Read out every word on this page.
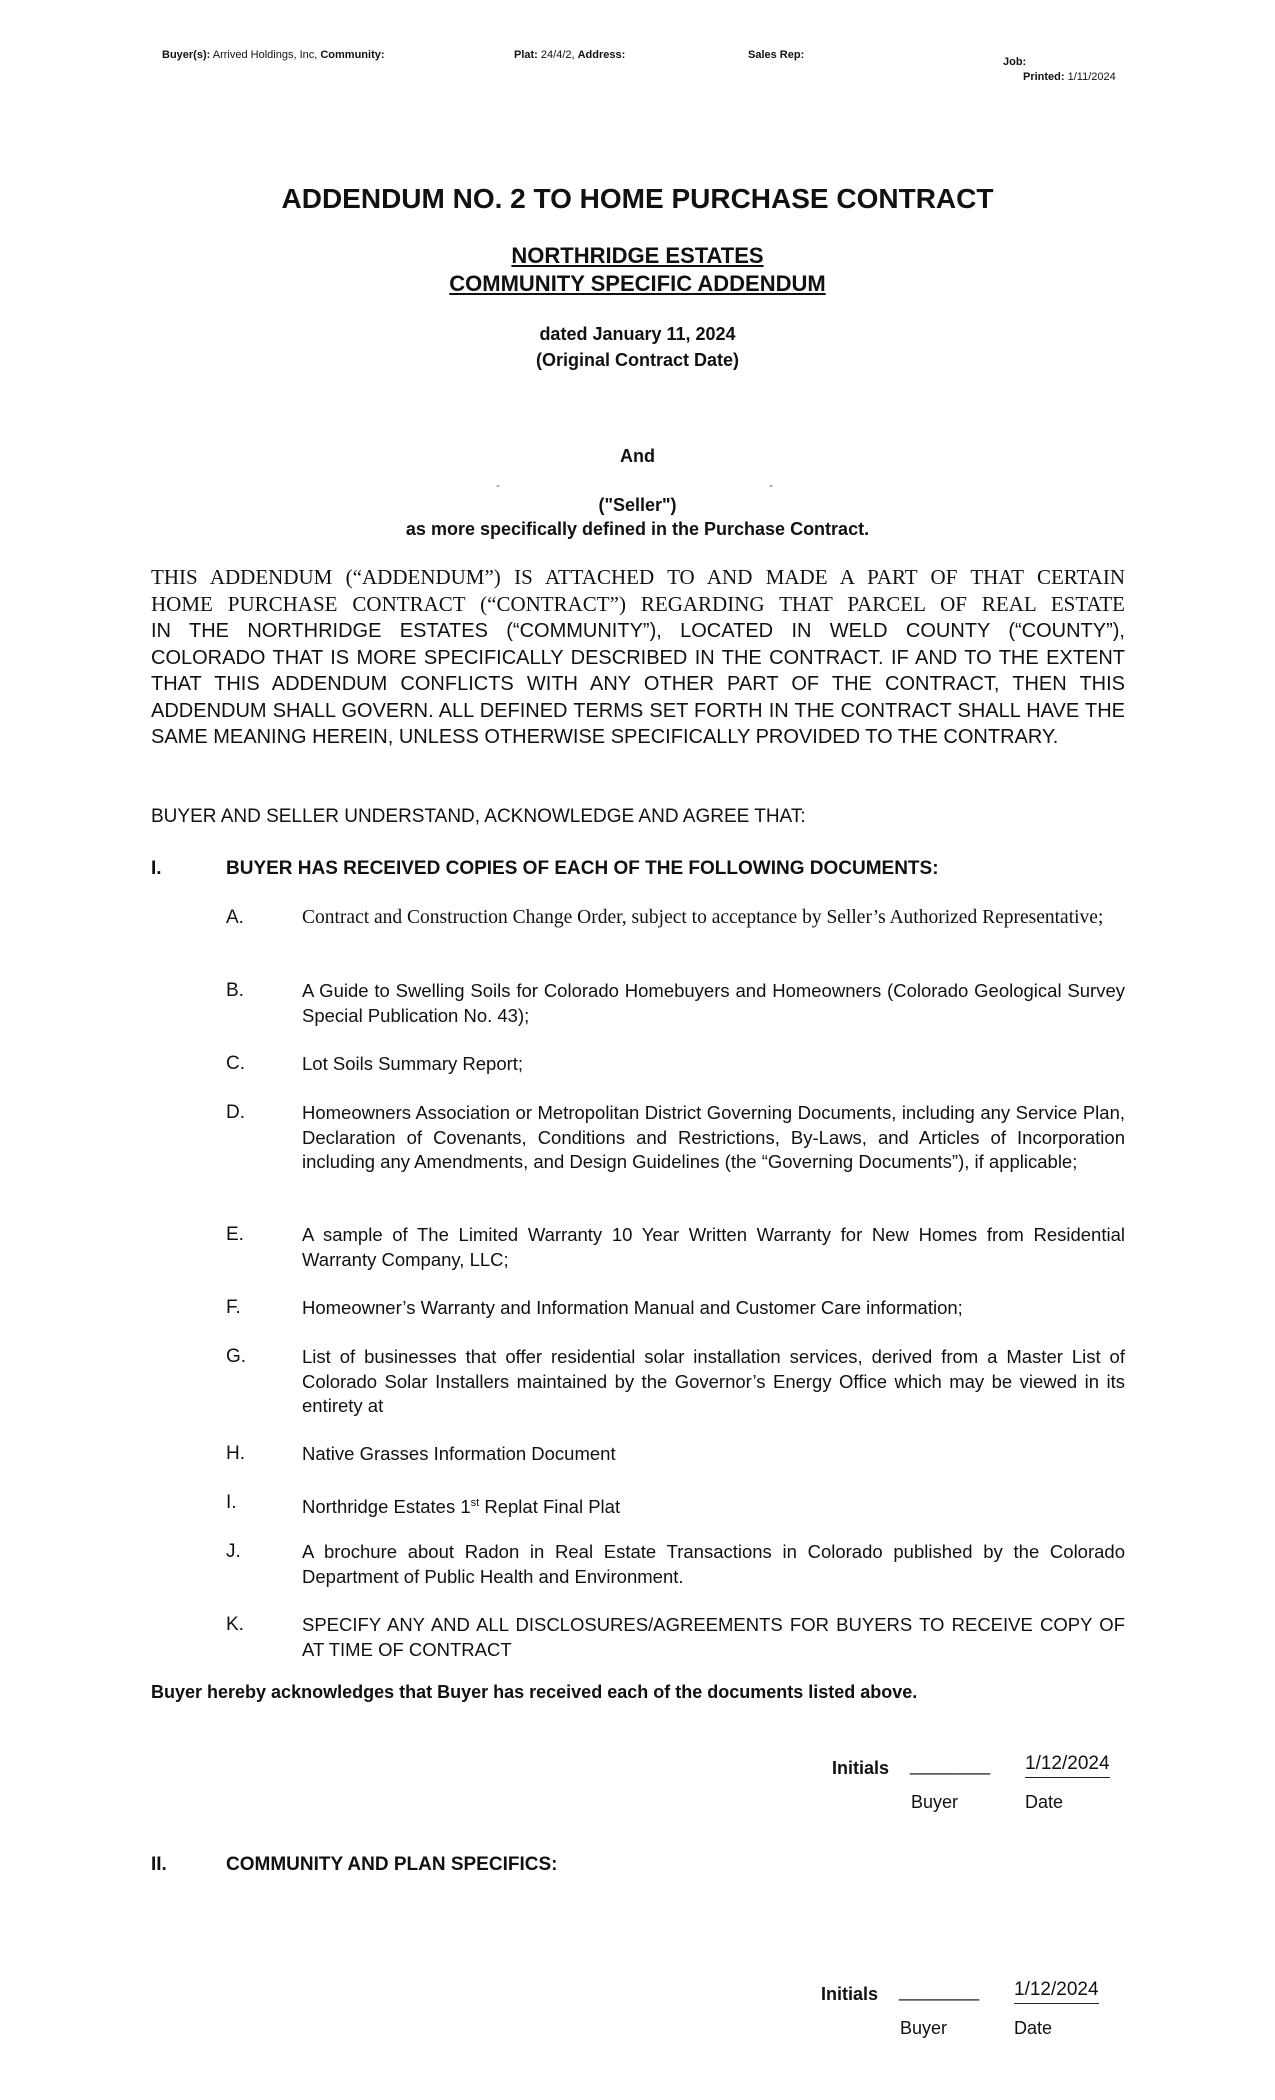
Buyer(s): Arrived Holdings, Inc, Community:	Plat: 24/4/2, Address:	Sales Rep:
Job:
Printed: 1/11/2024
ADDENDUM NO. 2 TO HOME PURCHASE CONTRACT
NORTHRIDGE ESTATES
COMMUNITY SPECIFIC ADDENDUM
dated January 11, 2024
(Original Contract Date)
And
-	-
("Seller")
as more specifically defined in the Purchase Contract.
THIS ADDENDUM (“ADDENDUM”) IS ATTACHED TO AND MADE A PART OF THAT CERTAIN
HOME PURCHASE CONTRACT (“CONTRACT”) REGARDING THAT PARCEL OF REAL ESTATE
IN THE NORTHRIDGE ESTATES (“COMMUNITY”), LOCATED IN WELD COUNTY (“COUNTY”), COLORADO THAT IS MORE SPECIFICALLY DESCRIBED IN THE CONTRACT. IF AND TO THE EXTENT THAT THIS ADDENDUM CONFLICTS WITH ANY OTHER PART OF THE CONTRACT, THEN THIS ADDENDUM SHALL GOVERN. ALL DEFINED TERMS SET FORTH IN THE CONTRACT SHALL HAVE THE SAME MEANING HEREIN, UNLESS OTHERWISE SPECIFICALLY PROVIDED TO THE CONTRARY.
BUYER AND SELLER UNDERSTAND, ACKNOWLEDGE AND AGREE THAT:
I.	BUYER HAS RECEIVED COPIES OF EACH OF THE FOLLOWING DOCUMENTS:
A.	Contract and Construction Change Order, subject to acceptance by Seller’s Authorized Representative;
B.	A Guide to Swelling Soils for Colorado Homebuyers and Homeowners (Colorado Geological Survey Special Publication No. 43);
C.	Lot Soils Summary Report;
D.	Homeowners Association or Metropolitan District Governing Documents, including any Service Plan, Declaration of Covenants, Conditions and Restrictions, By-Laws, and Articles of Incorporation including any Amendments, and Design Guidelines (the “Governing Documents”), if applicable;
E.	A sample of The Limited Warranty 10 Year Written Warranty for New Homes from Residential Warranty Company, LLC;
F.	Homeowner’s Warranty and Information Manual and Customer Care information;
G.	List of businesses that offer residential solar installation services, derived from a Master List of Colorado Solar Installers maintained by the Governor’s Energy Office which may be viewed in its entirety at
H.	Native Grasses Information Document
I.	Northridge Estates 1st Replat Final Plat
J.	A brochure about Radon in Real Estate Transactions in Colorado published by the Colorado Department of Public Health and Environment.
K.	SPECIFY ANY AND ALL DISCLOSURES/AGREEMENTS FOR BUYERS TO RECEIVE COPY OF AT TIME OF CONTRACT
Buyer hereby acknowledges that Buyer has received each of the documents listed above.
Initials ________ 1/12/2024
Buyer	Date
II.	COMMUNITY AND PLAN SPECIFICS:
Initials ________ 1/12/2024
Buyer	Date
